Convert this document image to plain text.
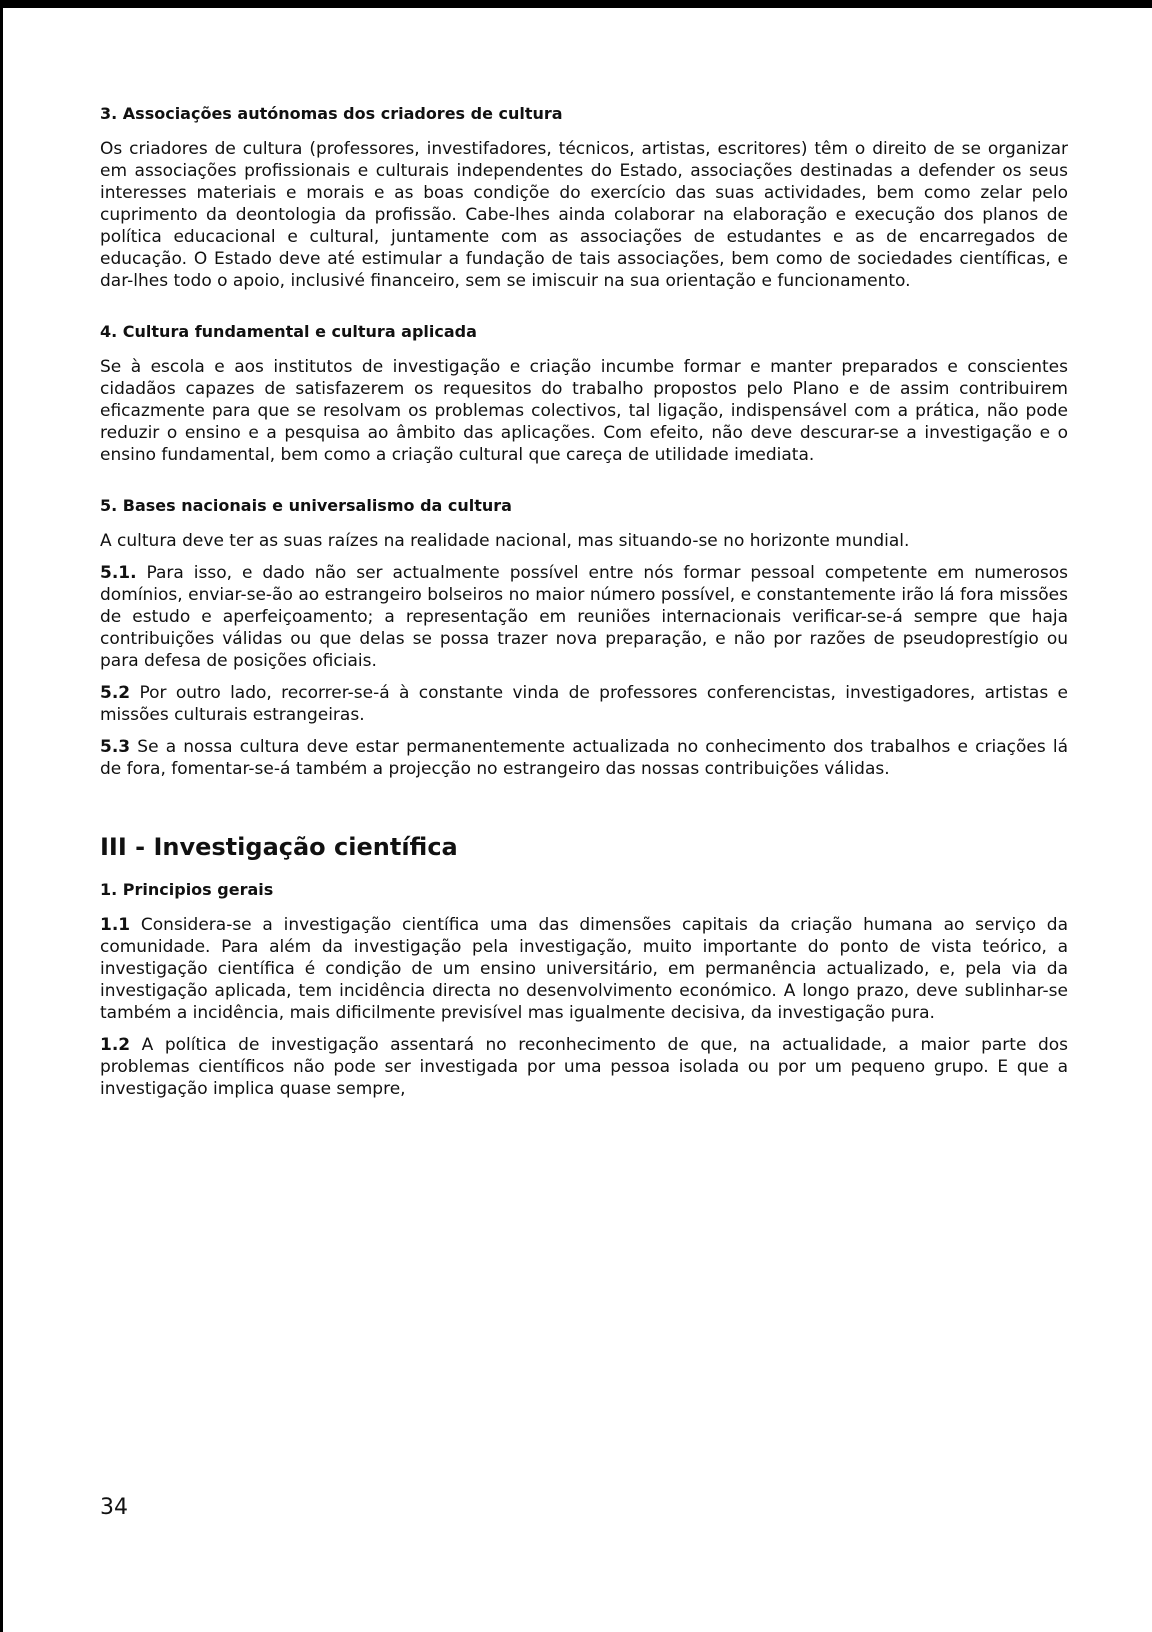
3. Associações autónomas dos criadores de cultura

Os criadores de cultura (professores, investifadores, técnicos, artistas, escritores) têm o direito de se organizar em associações profissionais e culturais independentes do Estado, associações destinadas a defender os seus interesses materiais e morais e as boas condiçõe do exercício das suas actividades, bem como zelar pelo cuprimento da deontologia da profissão. Cabe-lhes ainda colaborar na elaboração e execução dos planos de política educacional e cultural, juntamente com as associações de estudantes e as de encarregados de educação. O Estado deve até estimular a fundação de tais associações, bem como de sociedades científicas, e dar-lhes todo o apoio, inclusivé financeiro, sem se imiscuir na sua orientação e funcionamento.

4. Cultura fundamental e cultura aplicada

Se à escola e aos institutos de investigação e criação incumbe formar e manter preparados e conscientes cidadãos capazes de satisfazerem os requesitos do trabalho propostos pelo Plano e de assim contribuirem eficazmente para que se resolvam os problemas colectivos, tal ligação, indispensável com a prática, não pode reduzir o ensino e a pesquisa ao âmbito das aplicações. Com efeito, não deve descurar-se a investigação e o ensino fundamental, bem como a criação cultural que careça de utilidade imediata.

5. Bases nacionais e universalismo da cultura

A cultura deve ter as suas raízes na realidade nacional, mas situando-se no horizonte mundial.

5.1. Para isso, e dado não ser actualmente possível entre nós formar pessoal competente em numerosos domínios, enviar-se-ão ao estrangeiro bolseiros no maior número possível, e constantemente irão lá fora missões de estudo e aperfeiçoamento; a representação em reuniões internacionais verificar-se-á sempre que haja contribuições válidas ou que delas se possa trazer nova preparação, e não por razões de pseudoprestígio ou para defesa de posições oficiais.

5.2 Por outro lado, recorrer-se-á à constante vinda de professores conferencistas, investigadores, artistas e missões culturais estrangeiras.

5.3 Se a nossa cultura deve estar permanentemente actualizada no conhecimento dos trabalhos e criações lá de fora, fomentar-se-á também a projecção no estrangeiro das nossas contribuições válidas.

III - Investigação científica
1. Principios gerais

1.1 Considera-se a investigação científica uma das dimensões capitais da criação humana ao serviço da comunidade. Para além da investigação pela investigação, muito importante do ponto de vista teórico, a investigação científica é condição de um ensino universitário, em permanência actualizado, e, pela via da investigação aplicada, tem incidência directa no desenvolvimento económico. A longo prazo, deve sublinhar-se também a incidência, mais dificilmente previsível mas igualmente decisiva, da investigação pura.

1.2 A política de investigação assentará no reconhecimento de que, na actualidade, a maior parte dos problemas científicos não pode ser investigada por uma pessoa isolada ou por um pequeno grupo. E que a investigação implica quase sempre,

34
